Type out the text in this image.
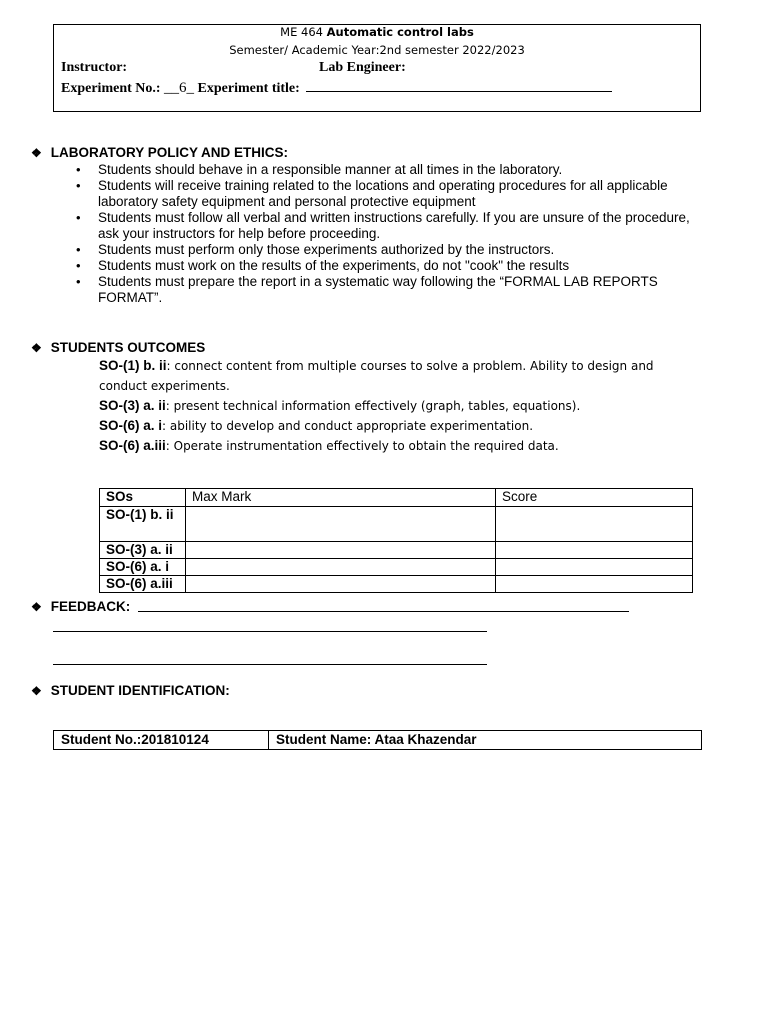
ME 464 Automatic control labs
Semester/ Academic Year:2nd semester 2022/2023
Instructor:	Lab Engineer:
Experiment No.: __6_ Experiment title:
❖ LABORATORY POLICY AND ETHICS:
• Students should behave in a responsible manner at all times in the laboratory.
• Students will receive training related to the locations and operating procedures for all applicable laboratory safety equipment and personal protective equipment
• Students must follow all verbal and written instructions carefully. If you are unsure of the procedure, ask your instructors for help before proceeding.
• Students must perform only those experiments authorized by the instructors.
• Students must work on the results of the experiments, do not "cook" the results
• Students must prepare the report in a systematic way following the “FORMAL LAB REPORTS FORMAT”.
❖ STUDENTS OUTCOMES
SO-(1) b. ii: connect content from multiple courses to solve a problem. Ability to design and conduct experiments.
SO-(3) a. ii: present technical information effectively (graph, tables, equations).
SO-(6) a. i: ability to develop and conduct appropriate experimentation.
SO-(6) a.iii: Operate instrumentation effectively to obtain the required data.
SOs	Max Mark	Score
SO-(1) b. ii		
SO-(3) a. ii		
SO-(6) a. i		
SO-(6) a.iii		
❖ FEEDBACK:
❖ STUDENT IDENTIFICATION:
Student No.:201810124	Student Name: Ataa Khazendar
